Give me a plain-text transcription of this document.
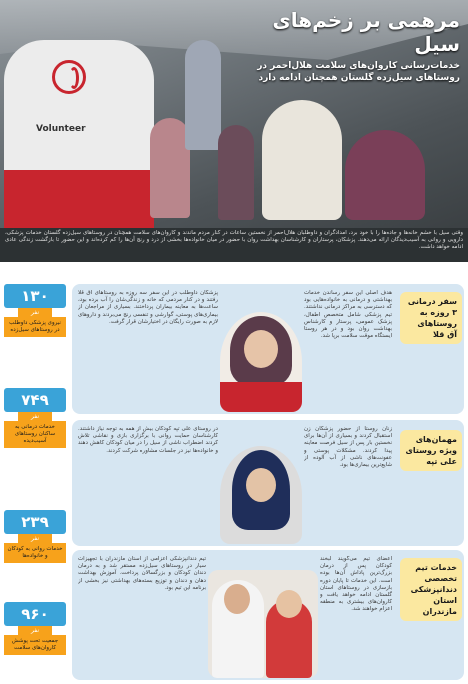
Volunteer
مرهمی بر زخم‌های سیل
خدمات‌رسانی کاروان‌های سلامت هلال‌احمر در روستاهای سیل‌زده گلستان همچنان ادامه دارد
وقتی سیل با خشم خانه‌ها و جاده‌ها را با خود برد، امدادگران و داوطلبان هلال‌احمر از نخستین ساعات در کنار مردم ماندند و کاروان‌های سلامت همچنان در روستاهای سیل‌زده گلستان خدمات پزشکی، دارویی و روانی به آسیب‌دیدگان ارائه می‌دهند. پزشکان، پرستاران و کارشناسان بهداشت روان با حضور در میان خانواده‌ها بخشی از درد و رنج آن‌ها را کم کرده‌اند و این حضور تا بازگشت زندگی عادی ادامه خواهد داشت.
۱۳۰
نفر
نیروی پزشکی داوطلب در روستاهای سیل‌زده
۷۴۹
نفر
خدمات درمانی به ساکنان روستاهای آسیب‌دیده
۲۳۹
نفر
خدمات روانی به کودکان و خانواده‌ها
۹۶۰
نفر
جمعیت تحت پوشش کاروان‌های سلامت
پزشکان داوطلب در این سفر سه روزه به روستاهای آق قلا رفتند و در کنار مردمی که خانه و زندگی‌شان را آب برده بود، ساعت‌ها به معاینه بیماران پرداختند. بسیاری از مراجعان از بیماری‌های پوستی، گوارشی و تنفسی رنج می‌بردند و داروهای لازم به صورت رایگان در اختیارشان قرار گرفت.
هدف اصلی این سفر رساندن خدمات بهداشتی و درمانی به خانواده‌هایی بود که دسترسی به مراکز درمانی نداشتند. تیم پزشکی شامل متخصص اطفال، پزشک عمومی، پرستار و کارشناس بهداشت روان بود و در هر روستا ایستگاه موقت سلامت برپا شد.
سفر درمانی ۳ روزه به روستاهای آق قلا
در روستای علی تپه کودکان بیش از همه به توجه نیاز داشتند. کارشناسان حمایت روانی با برگزاری بازی و نقاشی تلاش کردند اضطراب ناشی از سیل را در میان کودکان کاهش دهند و خانواده‌ها نیز در جلسات مشاوره شرکت کردند.
زنان روستا از حضور پزشکان زن استقبال کردند و بسیاری از آن‌ها برای نخستین بار پس از سیل فرصت معاینه پیدا کردند. مشکلات پوستی و عفونت‌های ناشی از آب آلوده از شایع‌ترین بیماری‌ها بود.
مهمان‌های ویژه روستای علی تپه
تیم دندانپزشکی اعزامی از استان مازندران با تجهیزات سیار در روستاهای سیل‌زده مستقر شد و به درمان دندان کودکان و بزرگسالان پرداخت. آموزش بهداشت دهان و دندان و توزیع بسته‌های بهداشتی نیز بخشی از برنامه این تیم بود.
اعضای تیم می‌گویند لبخند کودکان پس از درمان بزرگ‌ترین پاداش آن‌ها بوده است. این خدمات تا پایان دوره بازسازی در روستاهای استان گلستان ادامه خواهد یافت و کاروان‌های بیشتری به منطقه اعزام خواهند شد.
خدمات تیم تخصصی دندانپزشکی استان مازندران
